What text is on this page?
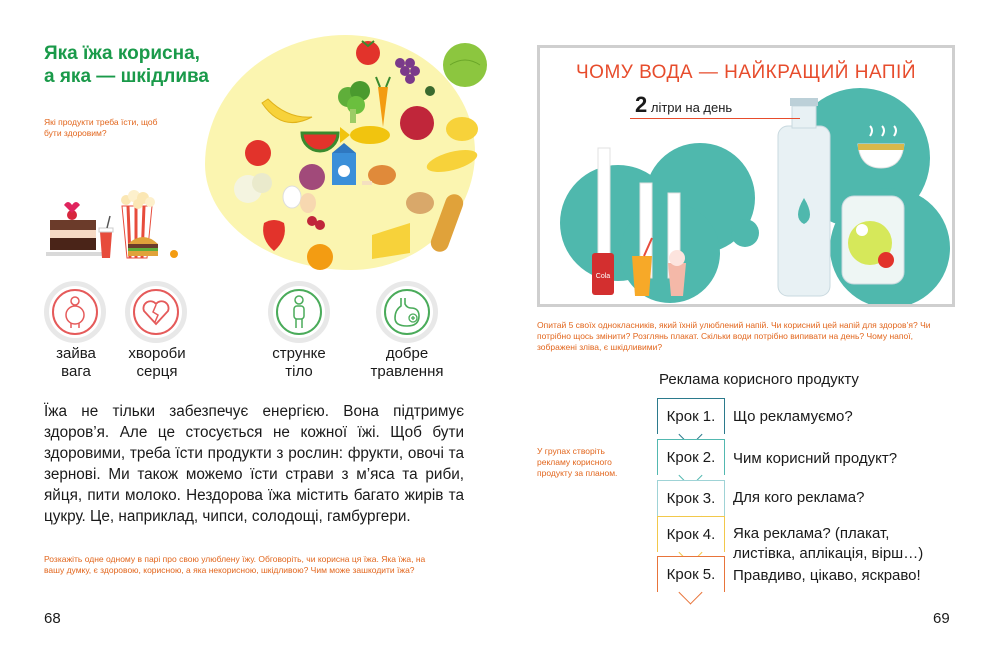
Яка їжа корисна,
а яка — шкідлива
Які продукти треба їсти, щоб бути здоровим?
зайва
вага
хвороби
серця
струнке
тіло
добре
травлення
Їжа не тільки забезпечує енергією. Вона підтримує здоров’я. Але це стосується не кожної їжі. Щоб бути здоровими, треба їсти продукти з рослин: фрукти, овочі та зернові. Ми також можемо їсти страви з м’яса та риби, яйця, пити молоко. Нездорова їжа містить багато жирів та цукру. Це, наприклад, чипси, солодощі, гамбургери.
Розкажіть одне одному в парі про свою улюблену їжу. Обговоріть, чи корисна ця їжа. Яка їжа, на вашу думку, є здоровою, корисною, а яка некорисною, шкідливою? Чим може зашкодити їжа?
68
Cola
ЧОМУ ВОДА — НАЙКРАЩИЙ НАПІЙ
2 літри на день
Опитай 5 своїх однокласників, який їхній улюблений напій. Чи корисний цей напій для здоров’я? Чи потрібно щось змінити? Розглянь плакат. Скільки води потрібно випивати на день? Чому напої, зображені зліва, є шкідливими?
Реклама корисного продукту
У групах створіть рекламу корисного продукту за планом.
Крок 1.
Крок 2.
Крок 3.
Крок 4.
Крок 5.
Що рекламуємо?
Чим корисний продукт?
Для кого реклама?
Яка реклама? (плакат,
листівка, аплікація, вірш…)
Правдиво, цікаво, яскраво!
69
